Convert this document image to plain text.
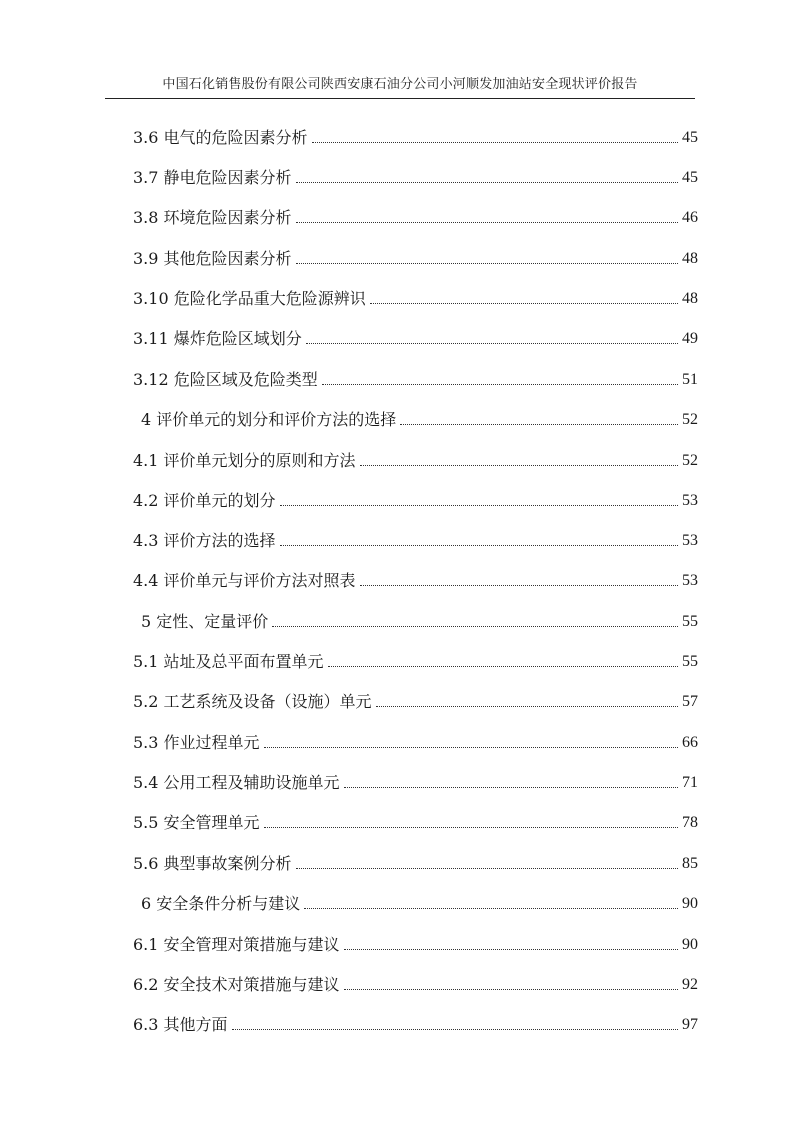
中国石化销售股份有限公司陕西安康石油分公司小河顺发加油站安全现状评价报告
3.6 电气的危险因素分析	45
3.7 静电危险因素分析	45
3.8 环境危险因素分析	46
3.9 其他危险因素分析	48
3.10 危险化学品重大危险源辨识	48
3.11 爆炸危险区域划分	49
3.12 危险区域及危险类型	51
4 评价单元的划分和评价方法的选择	52
4.1 评价单元划分的原则和方法	52
4.2 评价单元的划分	53
4.3 评价方法的选择	53
4.4 评价单元与评价方法对照表	53
5 定性、定量评价	55
5.1 站址及总平面布置单元	55
5.2 工艺系统及设备（设施）单元	57
5.3 作业过程单元	66
5.4 公用工程及辅助设施单元	71
5.5 安全管理单元	78
5.6 典型事故案例分析	85
6 安全条件分析与建议	90
6.1 安全管理对策措施与建议	90
6.2 安全技术对策措施与建议	92
6.3 其他方面	97
